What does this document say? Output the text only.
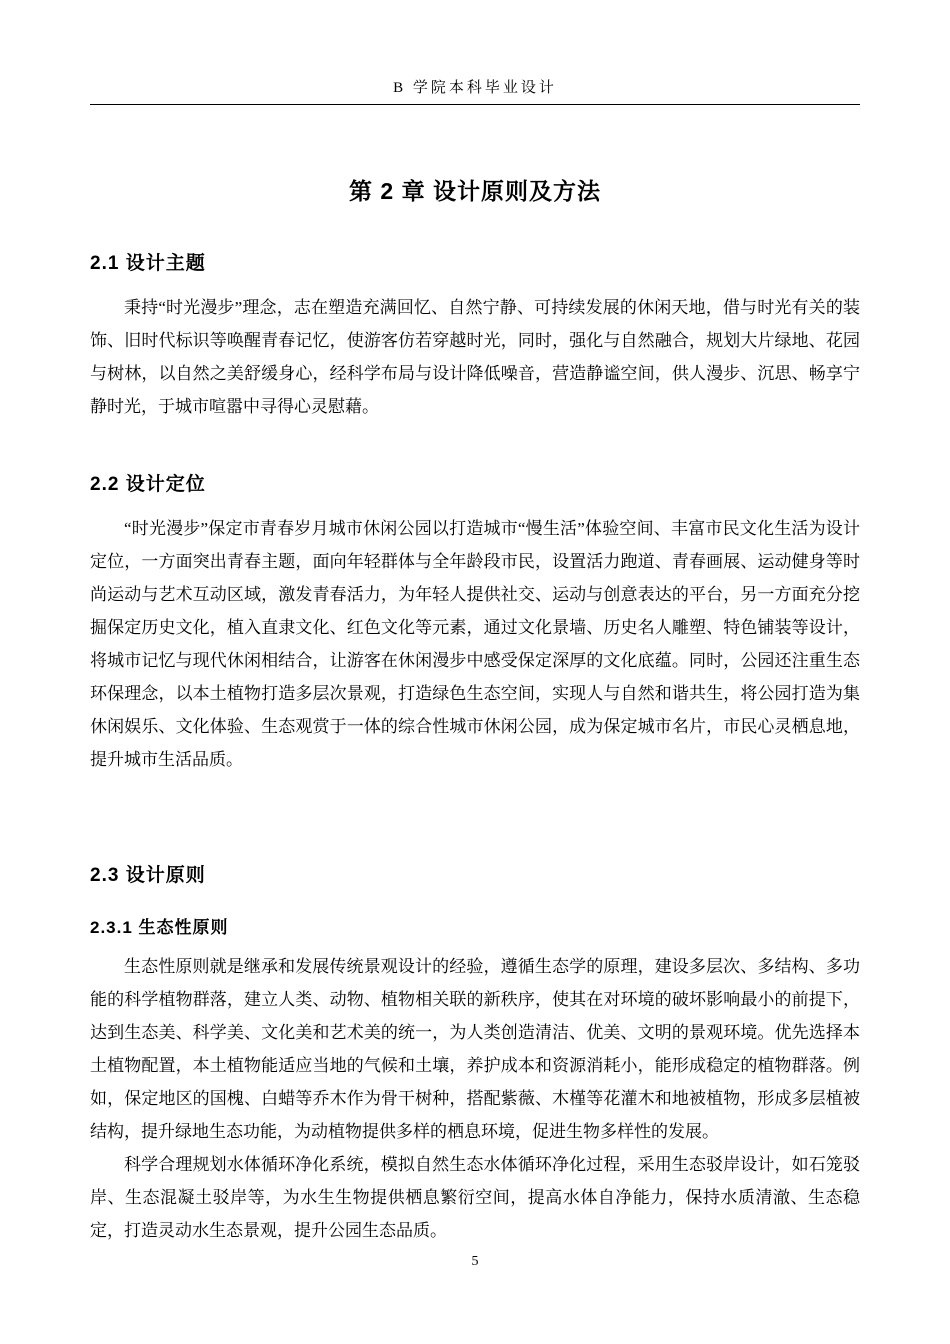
B 学院本科毕业设计
第 2 章 设计原则及方法
2.1 设计主题

秉持“时光漫步”理念，志在塑造充满回忆、自然宁静、可持续发展的休闲天地，借与时光有关的装饰、旧时代标识等唤醒青春记忆，使游客仿若穿越时光，同时，强化与自然融合，规划大片绿地、花园与树林，以自然之美舒缓身心，经科学布局与设计降低噪音，营造静谧空间，供人漫步、沉思、畅享宁静时光，于城市喧嚣中寻得心灵慰藉。

2.2 设计定位

“时光漫步”保定市青春岁月城市休闲公园以打造城市“慢生活”体验空间、丰富市民文化生活为设计定位，一方面突出青春主题，面向年轻群体与全年龄段市民，设置活力跑道、青春画展、运动健身等时尚运动与艺术互动区域，激发青春活力，为年轻人提供社交、运动与创意表达的平台，另一方面充分挖掘保定历史文化，植入直隶文化、红色文化等元素，通过文化景墙、历史名人雕塑、特色铺装等设计，将城市记忆与现代休闲相结合，让游客在休闲漫步中感受保定深厚的文化底蕴。同时，公园还注重生态环保理念，以本土植物打造多层次景观，打造绿色生态空间，实现人与自然和谐共生，将公园打造为集休闲娱乐、文化体验、生态观赏于一体的综合性城市休闲公园，成为保定城市名片，市民心灵栖息地，提升城市生活品质。

2.3 设计原则
2.3.1 生态性原则

生态性原则就是继承和发展传统景观设计的经验，遵循生态学的原理，建设多层次、多结构、多功能的科学植物群落，建立人类、动物、植物相关联的新秩序，使其在对环境的破坏影响最小的前提下，达到生态美、科学美、文化美和艺术美的统一，为人类创造清洁、优美、文明的景观环境。优先选择本土植物配置，本土植物能适应当地的气候和土壤，养护成本和资源消耗小，能形成稳定的植物群落。例如，保定地区的国槐、白蜡等乔木作为骨干树种，搭配紫薇、木槿等花灌木和地被植物，形成多层植被结构，提升绿地生态功能，为动植物提供多样的栖息环境，促进生物多样性的发展。

科学合理规划水体循环净化系统，模拟自然生态水体循环净化过程，采用生态驳岸设计，如石笼驳岸、生态混凝土驳岸等，为水生生物提供栖息繁衍空间，提高水体自净能力，保持水质清澈、生态稳定，打造灵动水生态景观，提升公园生态品质。

5
